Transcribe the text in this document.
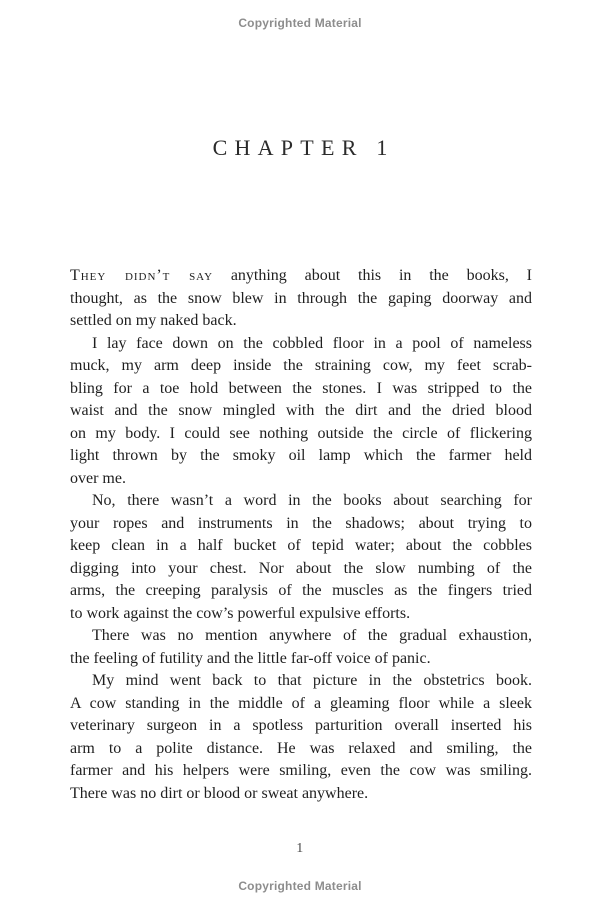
Copyrighted Material
CHAPTER 1
They didn’t say anything about this in the books, I
thought, as the snow blew in through the gaping doorway and
settled on my naked back.
I lay face down on the cobbled floor in a pool of nameless
muck, my arm deep inside the straining cow, my feet scrab-
bling for a toe hold between the stones. I was stripped to the
waist and the snow mingled with the dirt and the dried blood
on my body. I could see nothing outside the circle of flickering
light thrown by the smoky oil lamp which the farmer held
over me.
No, there wasn’t a word in the books about searching for
your ropes and instruments in the shadows; about trying to
keep clean in a half bucket of tepid water; about the cobbles
digging into your chest. Nor about the slow numbing of the
arms, the creeping paralysis of the muscles as the fingers tried
to work against the cow’s powerful expulsive efforts.
There was no mention anywhere of the gradual exhaustion,
the feeling of futility and the little far-off voice of panic.
My mind went back to that picture in the obstetrics book.
A cow standing in the middle of a gleaming floor while a sleek
veterinary surgeon in a spotless parturition overall inserted his
arm to a polite distance. He was relaxed and smiling, the
farmer and his helpers were smiling, even the cow was smiling.
There was no dirt or blood or sweat anywhere.
1
Copyrighted Material
